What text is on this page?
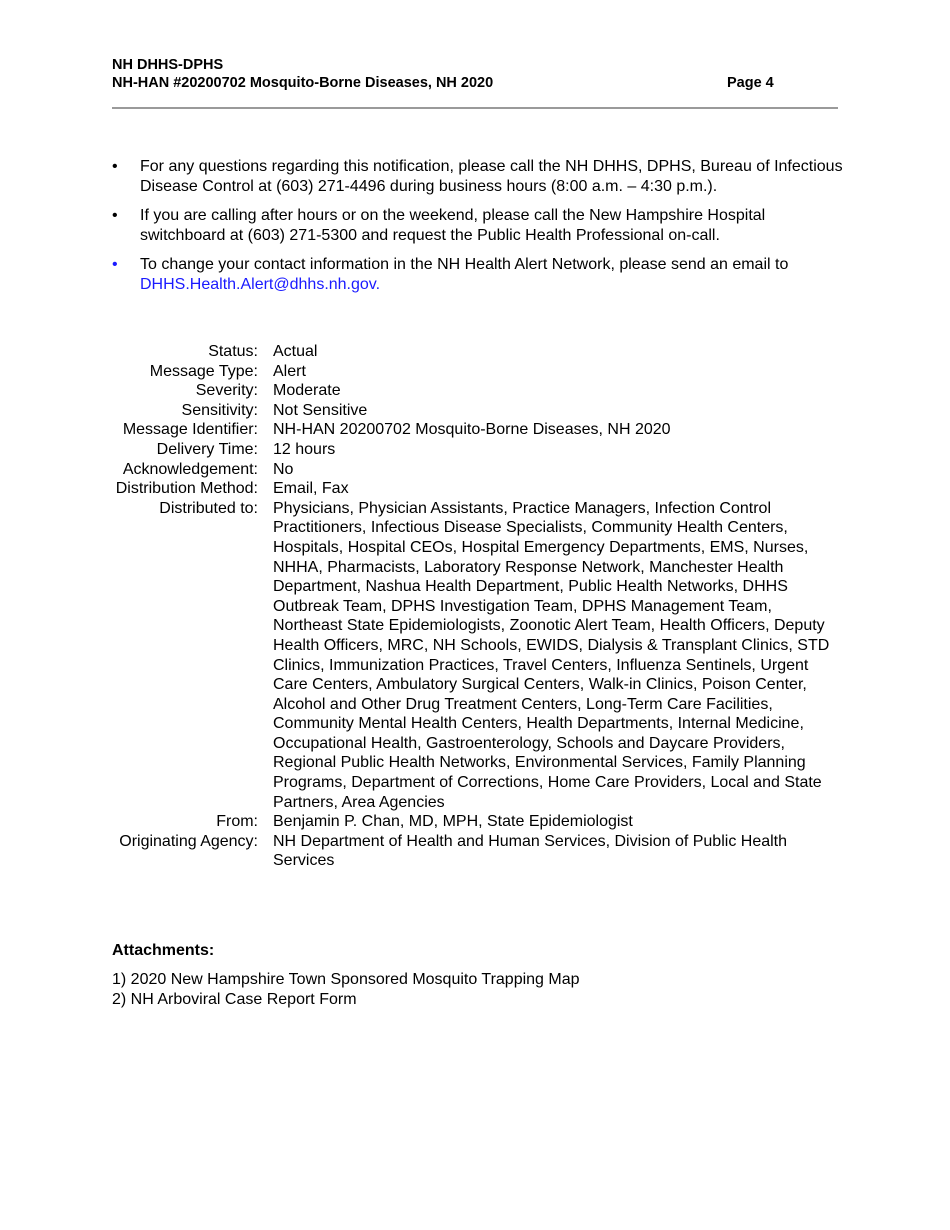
NH DHHS-DPHS
NH-HAN #20200702 Mosquito-Borne Diseases, NH 2020	Page 4
• For any questions regarding this notification, please call the NH DHHS, DPHS, Bureau of Infectious Disease Control at (603) 271-4496 during business hours (8:00 a.m. – 4:30 p.m.).
• If you are calling after hours or on the weekend, please call the New Hampshire Hospital switchboard at (603) 271-5300 and request the Public Health Professional on-call.
• To change your contact information in the NH Health Alert Network, please send an email to
DHHS.Health.Alert@dhhs.nh.gov.
Status:	Actual
Message Type:	Alert
Severity:	Moderate
Sensitivity:	Not Sensitive
Message Identifier:	NH-HAN 20200702 Mosquito-Borne Diseases, NH 2020
Delivery Time:	12 hours
Acknowledgement:	No
Distribution Method:	Email, Fax
Distributed to:	Physicians, Physician Assistants, Practice Managers, Infection Control Practitioners, Infectious Disease Specialists, Community Health Centers, Hospitals, Hospital CEOs, Hospital Emergency Departments, EMS, Nurses, NHHA, Pharmacists, Laboratory Response Network, Manchester Health Department, Nashua Health Department, Public Health Networks, DHHS Outbreak Team, DPHS Investigation Team, DPHS Management Team, Northeast State Epidemiologists, Zoonotic Alert Team, Health Officers, Deputy Health Officers, MRC, NH Schools, EWIDS, Dialysis & Transplant Clinics, STD Clinics, Immunization Practices, Travel Centers, Influenza Sentinels, Urgent Care Centers, Ambulatory Surgical Centers, Walk-in Clinics, Poison Center, Alcohol and Other Drug Treatment Centers, Long-Term Care Facilities, Community Mental Health Centers, Health Departments, Internal Medicine, Occupational Health, Gastroenterology, Schools and Daycare Providers, Regional Public Health Networks, Environmental Services, Family Planning Programs, Department of Corrections, Home Care Providers, Local and State Partners, Area Agencies
From:	Benjamin P. Chan, MD, MPH, State Epidemiologist
Originating Agency:	NH Department of Health and Human Services, Division of Public Health Services
Attachments:
1) 2020 New Hampshire Town Sponsored Mosquito Trapping Map
2) NH Arboviral Case Report Form
